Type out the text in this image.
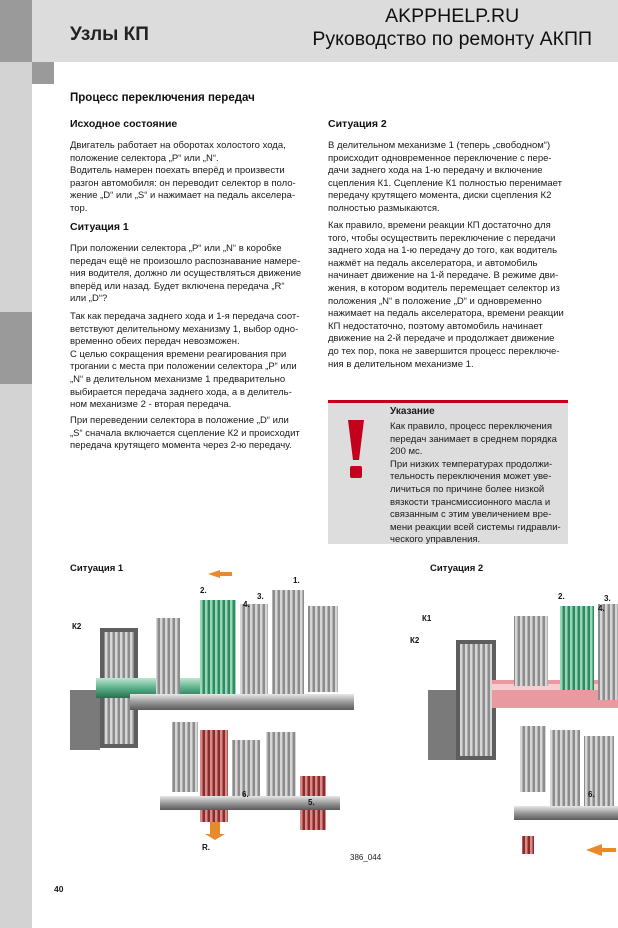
Узлы КП
AKPPHELP.RU
Руководство по ремонту АКПП
Процесс переключения передач
Исходное состояние
Двигатель работает на оборотах холостого хода,
положение селектора „Р“ или „N“.
Водитель намерен поехать вперёд и произвести
разгон автомобиля: он переводит селектор в поло-
жение „D“ или „S“ и нажимает на педаль акселера-
тор.
Ситуация 1
При положении селектора „Р“ или „N“ в коробке
передач ещё не произошло распознавание намере-
ния водителя, должно ли осуществляться движение
вперёд или назад. Будет включена передача „R“
или „D“?
Так как передача заднего хода и 1-я передача соот-
ветствуют делительному механизму 1, выбор одно-
временно обеих передач невозможен.
С целью сокращения времени реагирования при
трогании с места при положении селектора „Р“ или
„N“ в делительном механизме 1 предварительно
выбирается передача заднего хода, а в делитель-
ном механизме 2 - вторая передача.
При переведении селектора в положение „D“ или
„S“ сначала включается сцепление К2 и происходит
передача крутящего момента через 2-ю передачу.
Ситуация 2
В делительном механизме 1 (теперь „свободном“)
происходит одновременное переключение с пере-
дачи заднего хода на 1-ю передачу и включение
сцепления К1. Сцепление К1 полностью перенимает
передачу крутящего момента, диски сцепления К2
полностью размыкаются.
Как правило, времени реакции КП достаточно для
того, чтобы осуществить переключение с передачи
заднего хода на 1-ю передачу до того, как водитель
нажмёт на педаль акселератора, и автомобиль
начинает движение на 1-й передаче. В режиме дви-
жения, в котором водитель перемещает селектор из
положения „N“ в положение „D“ и одновременно
нажимает на педаль акселератора, времени реакции
КП недостаточно, поэтому автомобиль начинает
движение на 2-й передаче и продолжает движение
до тех пор, пока не завершится процесс переключе-
ния в делительном механизме 1.
Указание
Как правило, процесс переключения
передач занимает в среднем порядка
200 мс.
При низких температурах продолжи-
тельность переключения может уве-
личиться по причине более низкой
вязкости трансмиссионного масла и
связанным с этим увеличением вре-
мени реакции всей системы гидравли-
ческого управления.
Ситуация 1	Ситуация 2
К2
1.
2.
3.
4.
5.
6.
R.
386_044
К1
К2
2.	3.
4.
6.
40
